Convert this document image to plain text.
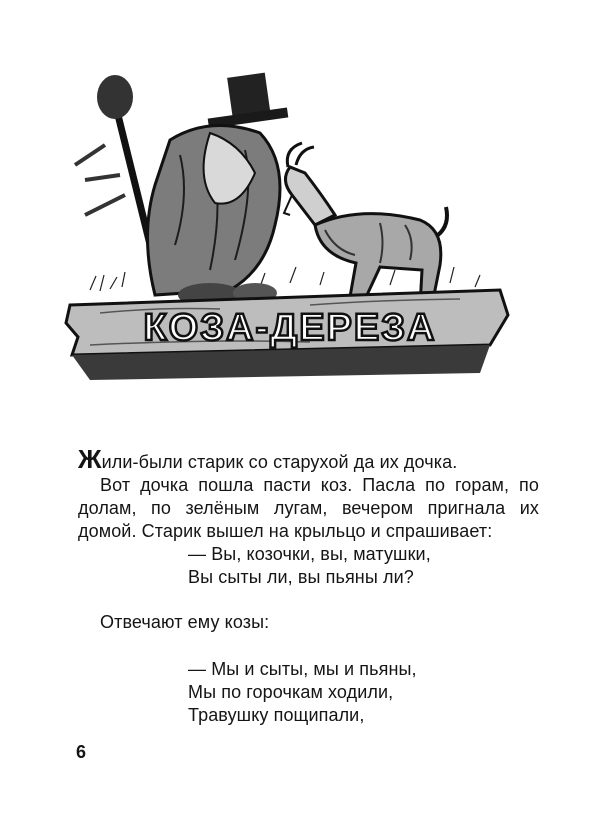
КОЗА-ДЕРЕЗА

Жили-были старик со старухой да их дочка.

Вот дочка пошла пасти коз. Пасла по горам, по долам, по зелёным лугам, вечером пригнала их домой. Старик вышел на крыльцо и спрашивает:

— Вы, козочки, вы, матушки,
Вы сыты ли, вы пьяны ли?

Отвечают ему козы:

— Мы и сыты, мы и пьяны,
Мы по горочкам ходили,
Травушку пощипали,
6
